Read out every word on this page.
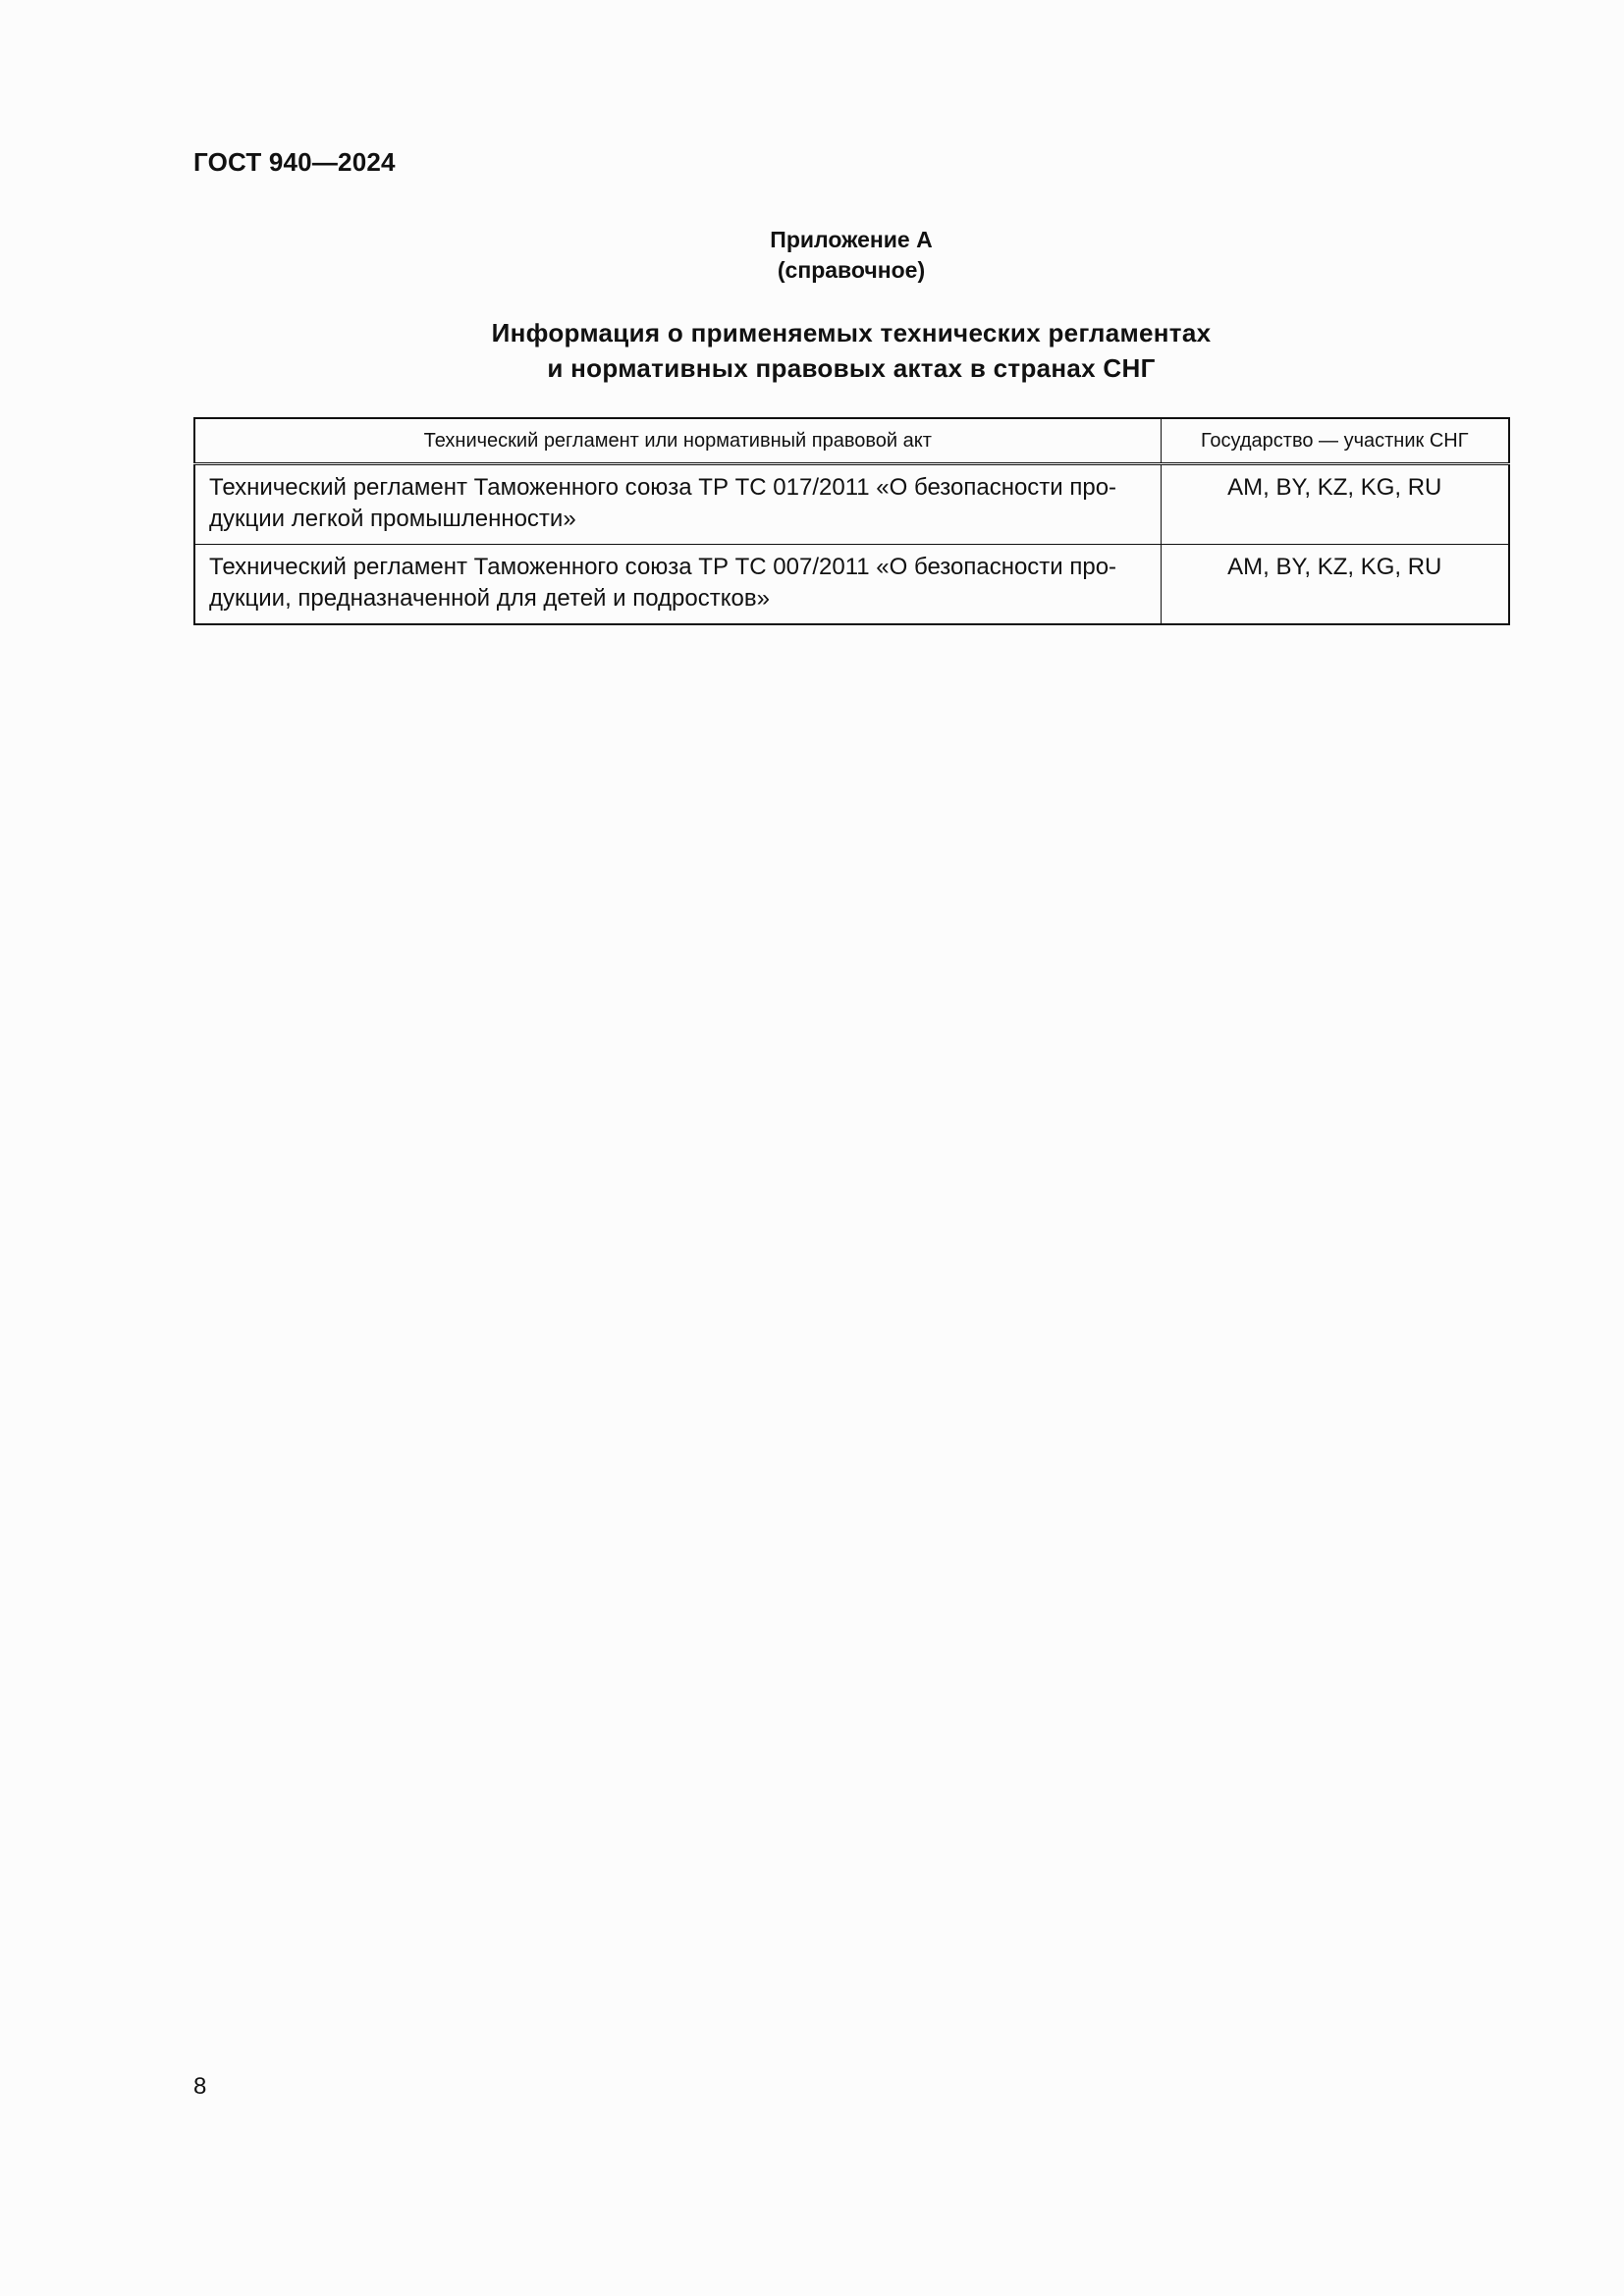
ГОСТ 940—2024
Приложение А
(справочное)
Информация о применяемых технических регламентах
и нормативных правовых актах в странах СНГ
Технический регламент или нормативный правовой акт	Государство — участник СНГ
Технический регламент Таможенного союза ТР ТС 017/2011 «О безопасности про-дукции легкой промышленности»	AM, BY, KZ, KG, RU
Технический регламент Таможенного союза ТР ТС 007/2011 «О безопасности про-дукции, предназначенной для детей и подростков»	AM, BY, KZ, KG, RU
8
